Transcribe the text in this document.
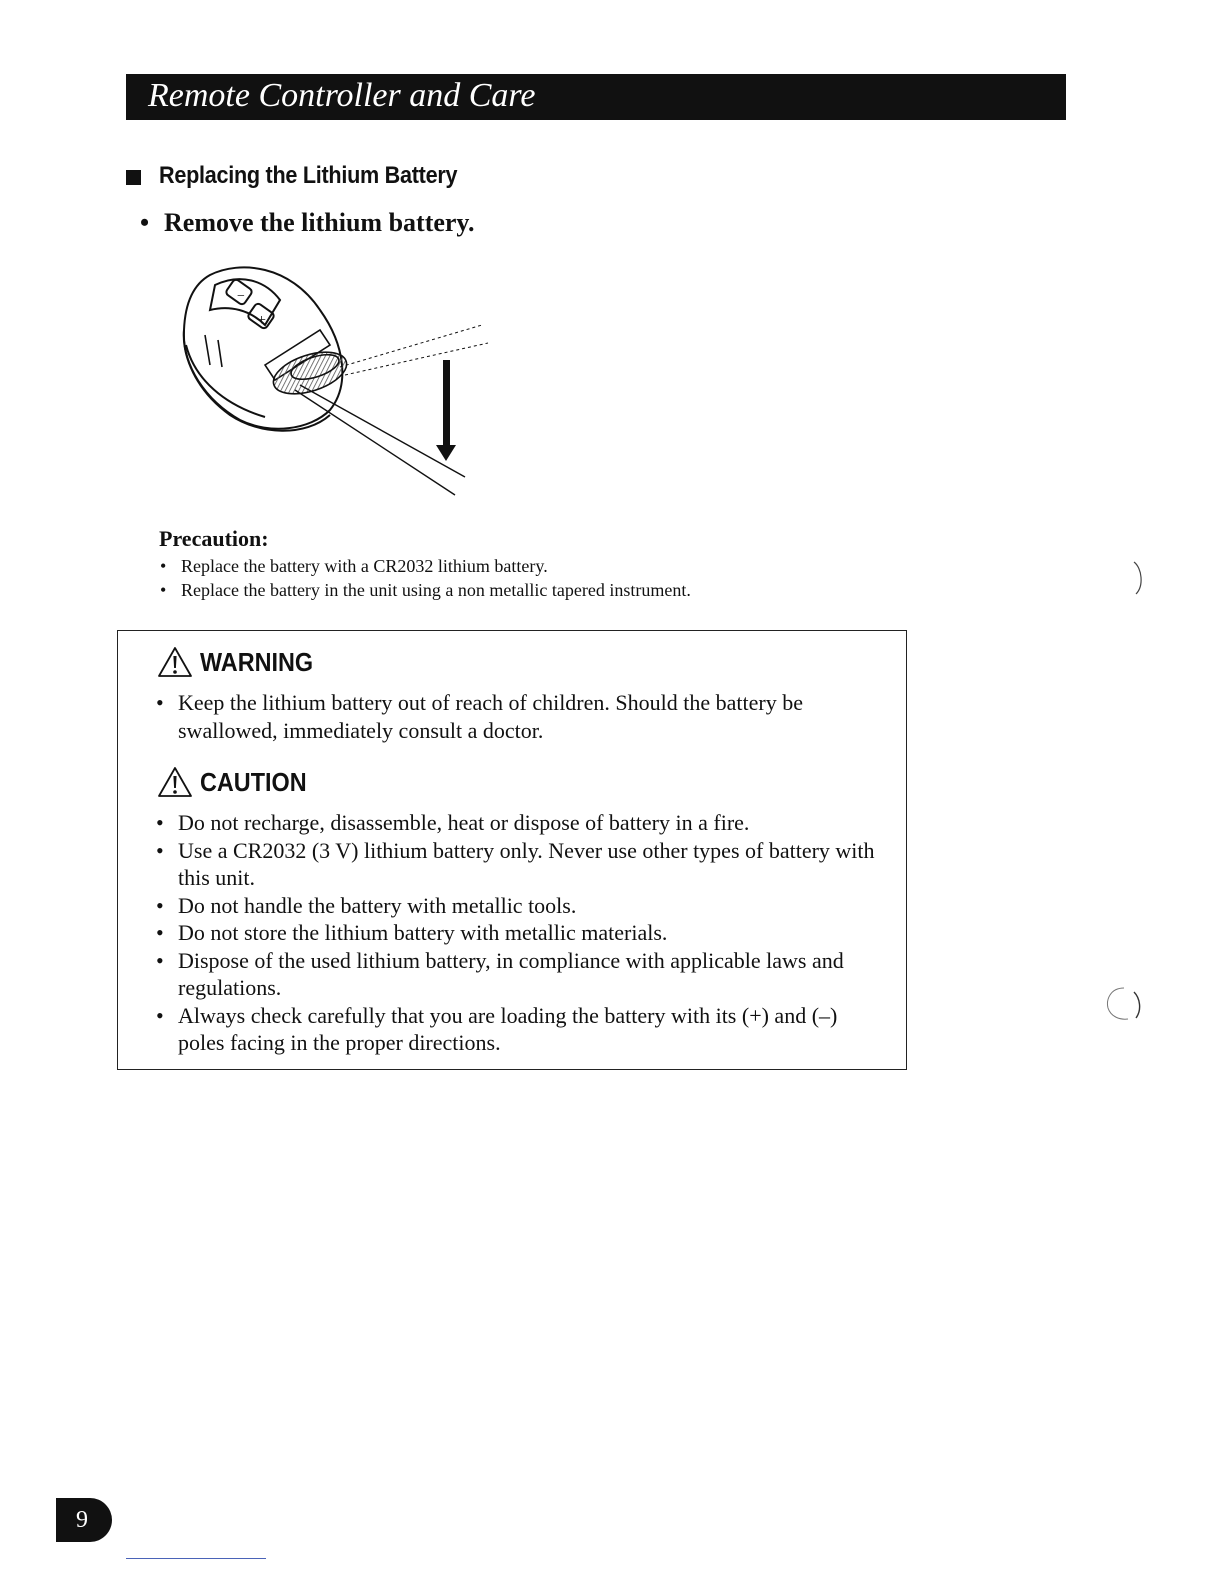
Remote Controller and Care
Replacing the Lithium Battery
• Remove the lithium battery.
−
+
Precaution:
• Replace the battery with a CR2032 lithium battery.
• Replace the battery in the unit using a non metallic tapered instrument.
WARNING
• Keep the lithium battery out of reach of children. Should the battery be swallowed, immediately consult a doctor.
CAUTION
• Do not recharge, disassemble, heat or dispose of battery in a fire.
• Use a CR2032 (3 V) lithium battery only. Never use other types of battery with this unit.
• Do not handle the battery with metallic tools.
• Do not store the lithium battery with metallic materials.
• Dispose of the used lithium battery, in compliance with applicable laws and regulations.
• Always check carefully that you are loading the battery with its (+) and (–) poles facing in the proper directions.
9
